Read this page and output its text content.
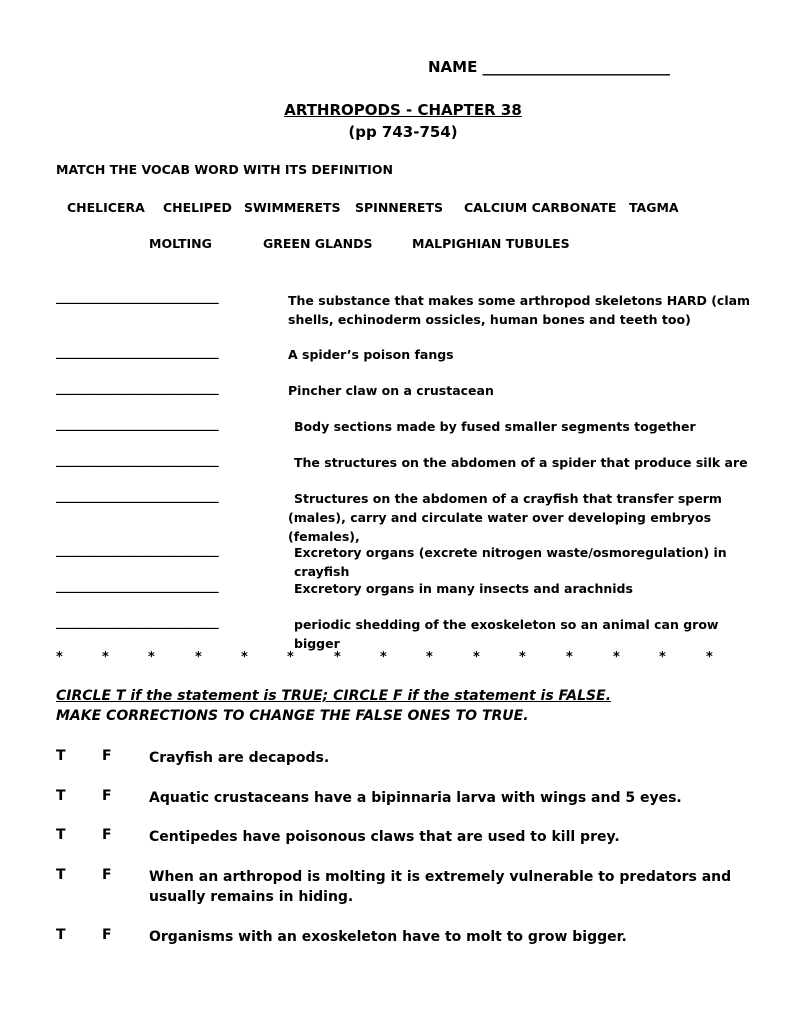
NAME _________________________
ARTHROPODS - CHAPTER 38
(pp 743-754)
MATCH THE VOCAB WORD WITH ITS DEFINITION
CHELICERA CHELIPED SWIMMERETS SPINNERETS CALCIUM CARBONATE TAGMA
MOLTING	GREEN GLANDS	MALPIGHIAN TUBULES
_____________________________	The substance that makes some arthropod skeletons HARD (clam shells, echinoderm ossicles, human bones and teeth too)
_____________________________	A spider’s poison fangs
_____________________________	Pincher claw on a crustacean
_____________________________	Body sections made by fused smaller segments together
_____________________________	The structures on the abdomen of a spider that produce silk are
_____________________________	Structures on the abdomen of a crayfish that transfer sperm (males), carry and circulate water over developing embryos (females),
_____________________________	Excretory organs (excrete nitrogen waste/osmoregulation) in crayfish
_____________________________	Excretory organs in many insects and arachnids
_____________________________	periodic shedding of the exoskeleton so an animal can grow bigger
*	*	*	*	*	*	*	*	*	*	*	*	*	*	*
CIRCLE T if the statement is TRUE; CIRCLE F if the statement is FALSE.
MAKE CORRECTIONS TO CHANGE THE FALSE ONES TO TRUE.
T	F	Crayfish are decapods.
T	F	Aquatic crustaceans have a bipinnaria larva with wings and 5 eyes.
T	F	Centipedes have poisonous claws that are used to kill prey.
T	F	When an arthropod is molting it is extremely vulnerable to predators and usually remains in hiding.
T	F	Organisms with an exoskeleton have to molt to grow bigger.
